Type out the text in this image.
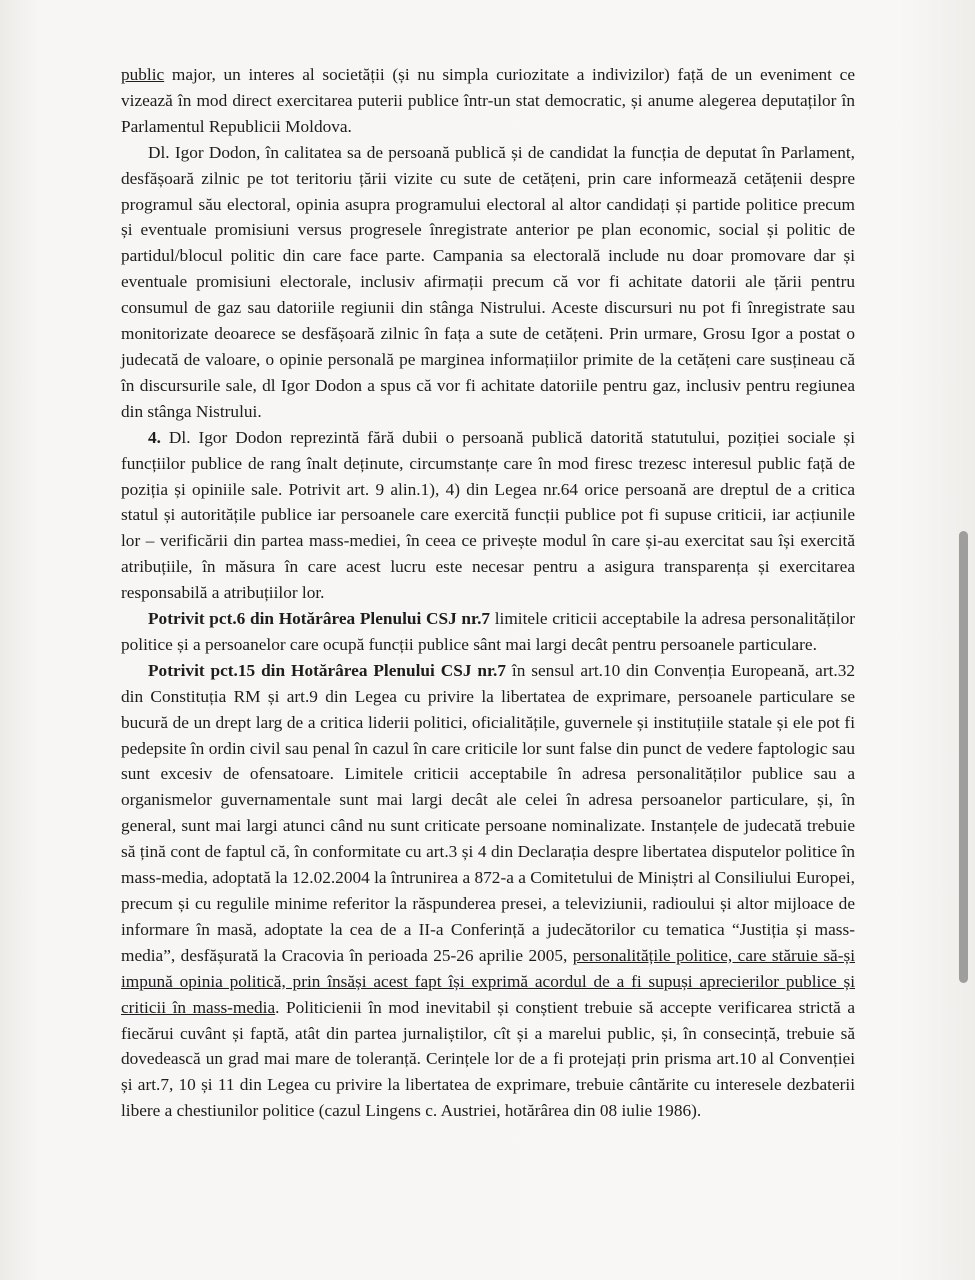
public major, un interes al societății (și nu simpla curiozitate a indivizilor) față de un eveniment ce vizează în mod direct exercitarea puterii publice într-un stat democratic, și anume alegerea deputaților în Parlamentul Republicii Moldova.

Dl. Igor Dodon, în calitatea sa de persoană publică și de candidat la funcția de deputat în Parlament, desfășoară zilnic pe tot teritoriu țării vizite cu sute de cetățeni, prin care informează cetățenii despre programul său electoral, opinia asupra programului electoral al altor candidați și partide politice precum și eventuale promisiuni versus progresele înregistrate anterior pe plan economic, social și politic de partidul/blocul politic din care face parte. Campania sa electorală include nu doar promovare dar și eventuale promisiuni electorale, inclusiv afirmații precum că vor fi achitate datorii ale țării pentru consumul de gaz sau datoriile regiunii din stânga Nistrului. Aceste discursuri nu pot fi înregistrate sau monitorizate deoarece se desfășoară zilnic în fața a sute de cetățeni. Prin urmare, Grosu Igor a postat o judecată de valoare, o opinie personală pe marginea informațiilor primite de la cetățeni care susțineau că în discursurile sale, dl Igor Dodon a spus că vor fi achitate datoriile pentru gaz, inclusiv pentru regiunea din stânga Nistrului.

4. Dl. Igor Dodon reprezintă fără dubii o persoană publică datorită statutului, poziției sociale și funcțiilor publice de rang înalt deținute, circumstanțe care în mod firesc trezesc interesul public față de poziția și opiniile sale. Potrivit art. 9 alin.1), 4) din Legea nr.64 orice persoană are dreptul de a critica statul și autoritățile publice iar persoanele care exercită funcții publice pot fi supuse criticii, iar acțiunile lor – verificării din partea mass-mediei, în ceea ce privește modul în care și-au exercitat sau își exercită atribuțiile, în măsura în care acest lucru este necesar pentru a asigura transparența și exercitarea responsabilă a atribuțiilor lor.

Potrivit pct.6 din Hotărârea Plenului CSJ nr.7 limitele criticii acceptabile la adresa personalităților politice și a persoanelor care ocupă funcții publice sânt mai largi decât pentru persoanele particulare.

Potrivit pct.15 din Hotărârea Plenului CSJ nr.7 în sensul art.10 din Convenția Europeană, art.32 din Constituția RM și art.9 din Legea cu privire la libertatea de exprimare, persoanele particulare se bucură de un drept larg de a critica liderii politici, oficialitățile, guvernele și instituțiile statale și ele pot fi pedepsite în ordin civil sau penal în cazul în care criticile lor sunt false din punct de vedere faptologic sau sunt excesiv de ofensatoare. Limitele criticii acceptabile în adresa personalităților publice sau a organismelor guvernamentale sunt mai largi decât ale celei în adresa persoanelor particulare, și, în general, sunt mai largi atunci când nu sunt criticate persoane nominalizate. Instanțele de judecată trebuie să țină cont de faptul că, în conformitate cu art.3 și 4 din Declarația despre libertatea disputelor politice în mass-media, adoptată la 12.02.2004 la întrunirea a 872-a a Comitetului de Miniștri al Consiliului Europei, precum și cu regulile minime referitor la răspunderea presei, a televiziunii, radioului și altor mijloace de informare în masă, adoptate la cea de a II-a Conferință a judecătorilor cu tematica “Justiția și mass-media”, desfășurată la Cracovia în perioada 25-26 aprilie 2005, personalitățile politice, care stăruie să-și impună opinia politică, prin însăși acest fapt își exprimă acordul de a fi supuși aprecierilor publice și criticii în mass-media. Politicienii în mod inevitabil și conștient trebuie să accepte verificarea strictă a fiecărui cuvânt și faptă, atât din partea jurnaliștilor, cît și a marelui public, și, în consecință, trebuie să dovedească un grad mai mare de toleranță. Cerințele lor de a fi protejați prin prisma art.10 al Convenției și art.7, 10 și 11 din Legea cu privire la libertatea de exprimare, trebuie cântărite cu interesele dezbaterii libere a chestiunilor politice (cazul Lingens c. Austriei, hotărârea din 08 iulie 1986).
